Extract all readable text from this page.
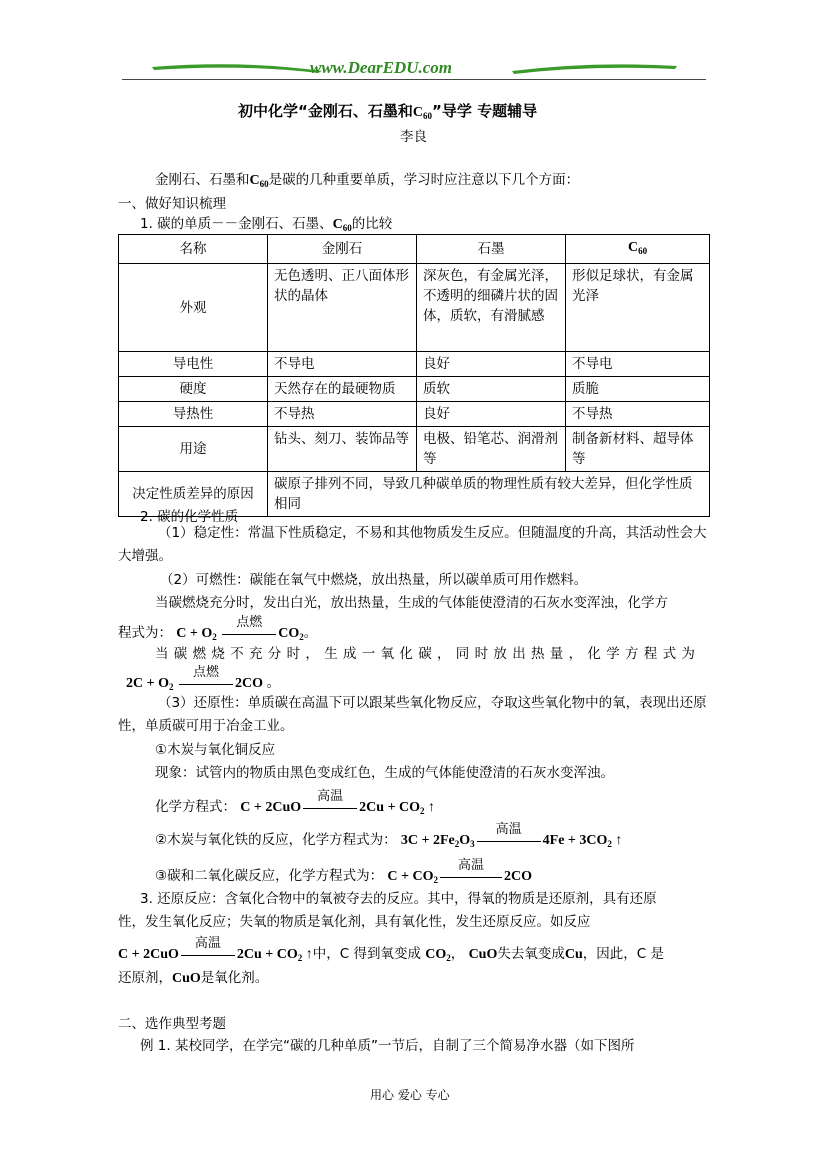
www.DearEDU.com
初中化学“金刚石、石墨和$C_{60}$”导学 专题辅导
李良
金刚石、石墨和$C_{60}$是碳的几种重要单质，学习时应注意以下几个方面：
一、做好知识梳理
1. 碳的单质－－金刚石、石墨、$C_{60}$的比较
名称	金刚石	石墨	$C_{60}$
外观	无色透明、正八面体形状的晶体	深灰色，有金属光泽，不透明的细磷片状的固体，质软，有滑腻感	形似足球状，有金属光泽
导电性	不导电	良好	不导电
硬度	天然存在的最硬物质	质软	质脆
导热性	不导热	良好	不导热
用途	钻头、刻刀、装饰品等	电极、铅笔芯、润滑剂等	制备新材料、超导体等
决定性质差异的原因	碳原子排列不同，导致几种碳单质的物理性质有较大差异，但化学性质相同		
2. 碳的化学性质
（1）稳定性：常温下性质稳定，不易和其他物质发生反应。但随温度的升高，其活动性会大大增强。
（2）可燃性：碳能在氧气中燃烧，放出热量，所以碳单质可用作燃料。
当碳燃烧充分时，发出白光，放出热量，生成的气体能使澄清的石灰水变浑浊，化学方
程式为： $C + O_2$
点燃
$CO_2$。
当碳燃烧不充分时，生成一氧化碳，同时放出热量，化学方程式为
$2C + O_2$
点燃
2CO 。
（3）还原性：单质碳在高温下可以跟某些氧化物反应，夺取这些氧化物中的氧，表现出还原性，单质碳可用于冶金工业。
①木炭与氧化铜反应
现象：试管内的物质由黑色变成红色，生成的气体能使澄清的石灰水变浑浊。
化学方程式： C + 2CuO
高温
$2Cu + CO_2$ ↑
②木炭与氧化铁的反应，化学方程式为： $3C + 2Fe_2O_3$
高温
$4Fe + 3CO_2$ ↑
③碳和二氧化碳反应，化学方程式为： $C + CO_2$
高温
2CO
3. 还原反应：含氧化合物中的氧被夺去的反应。其中，得氧的物质是还原剂，具有还原
性，发生氧化反应；失氧的物质是氧化剂，具有氧化性，发生还原反应。如反应
C + 2CuO
高温
$2Cu + CO_2$ ↑中，C 得到氧变成 $CO_2$， CuO失去氧变成Cu，因此，C 是
还原剂，CuO是氧化剂。
二、选作典型考题
例 1. 某校同学，在学完“碳的几种单质”一节后，自制了三个简易净水器（如下图所
用心 爱心 专心
